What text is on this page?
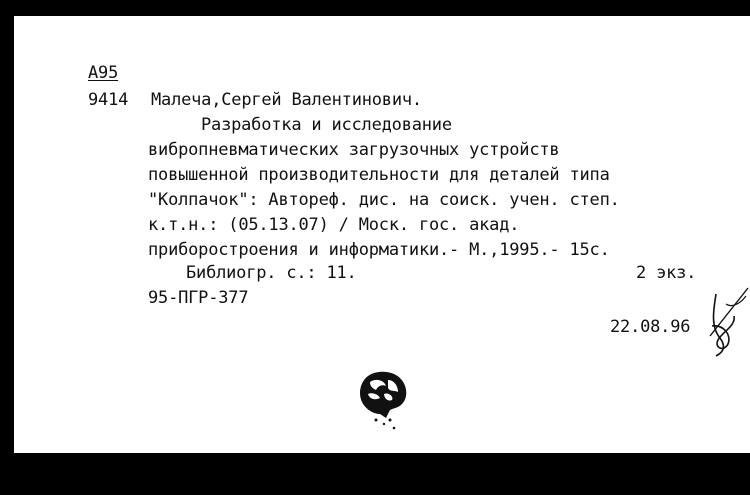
А95
9414 Малеча,Сергей Валентинович.
Разработка и исследование
вибропневматических загрузочных устройств
повышенной производительности для деталей типа
"Колпачок": Автореф. дис. на соиск. учен. степ.
к.т.н.: (05.13.07) / Моск. гос. акад.
приборостроения и информатики.- М.,1995.- 15с.
Библиогр. с.: 11.	2 экз.
95-ПГР-377
22.08.96
